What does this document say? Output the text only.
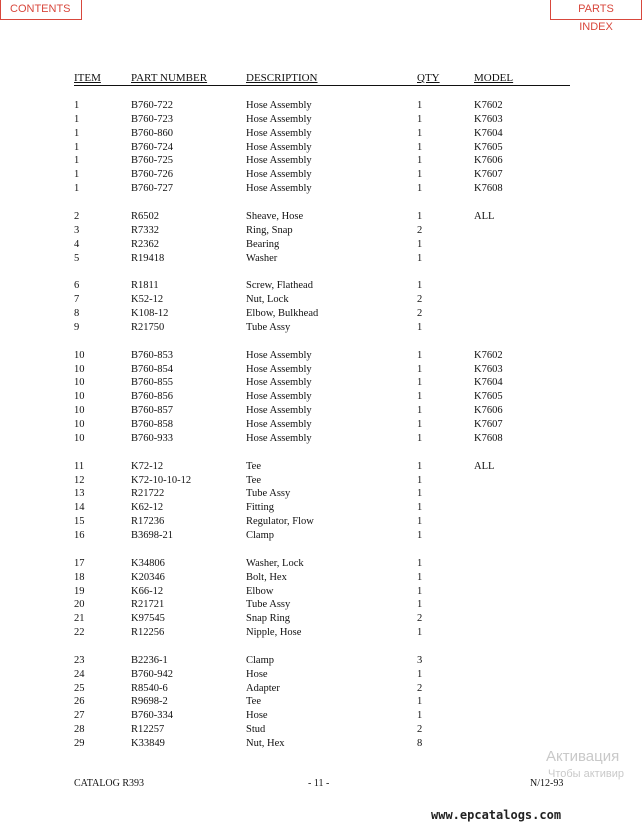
CONTENTS	PARTS INDEX
ITEM	PART NUMBER	DESCRIPTION	QTY	MODEL
1	B760-722	Hose Assembly	1	K7602
1	B760-723	Hose Assembly	1	K7603
1	B760-860	Hose Assembly	1	K7604
1	B760-724	Hose Assembly	1	K7605
1	B760-725	Hose Assembly	1	K7606
1	B760-726	Hose Assembly	1	K7607
1	B760-727	Hose Assembly	1	K7608
2	R6502	Sheave, Hose	1	ALL
3	R7332	Ring, Snap	2
4	R2362	Bearing	1
5	R19418	Washer	1
6	R1811	Screw, Flathead	1
7	K52-12	Nut, Lock	2
8	K108-12	Elbow, Bulkhead	2
9	R21750	Tube Assy	1
10	B760-853	Hose Assembly	1	K7602
10	B760-854	Hose Assembly	1	K7603
10	B760-855	Hose Assembly	1	K7604
10	B760-856	Hose Assembly	1	K7605
10	B760-857	Hose Assembly	1	K7606
10	B760-858	Hose Assembly	1	K7607
10	B760-933	Hose Assembly	1	K7608
11	K72-12	Tee	1	ALL
12	K72-10-10-12	Tee	1
13	R21722	Tube Assy	1
14	K62-12	Fitting	1
15	R17236	Regulator, Flow	1
16	B3698-21	Clamp	1
17	K34806	Washer, Lock	1
18	K20346	Bolt, Hex	1
19	K66-12	Elbow	1
20	R21721	Tube Assy	1
21	K97545	Snap Ring	2
22	R12256	Nipple, Hose	1
23	B2236-1	Clamp	3
24	B760-942	Hose	1
25	R8540-6	Adapter	2
26	R9698-2	Tee	1
27	B760-334	Hose	1
28	R12257	Stud	2
29	K33849	Nut, Hex	8
CATALOG R393	- 11 -	N/12-93
Активация
Чтобы активир
www.epcatalogs.com
